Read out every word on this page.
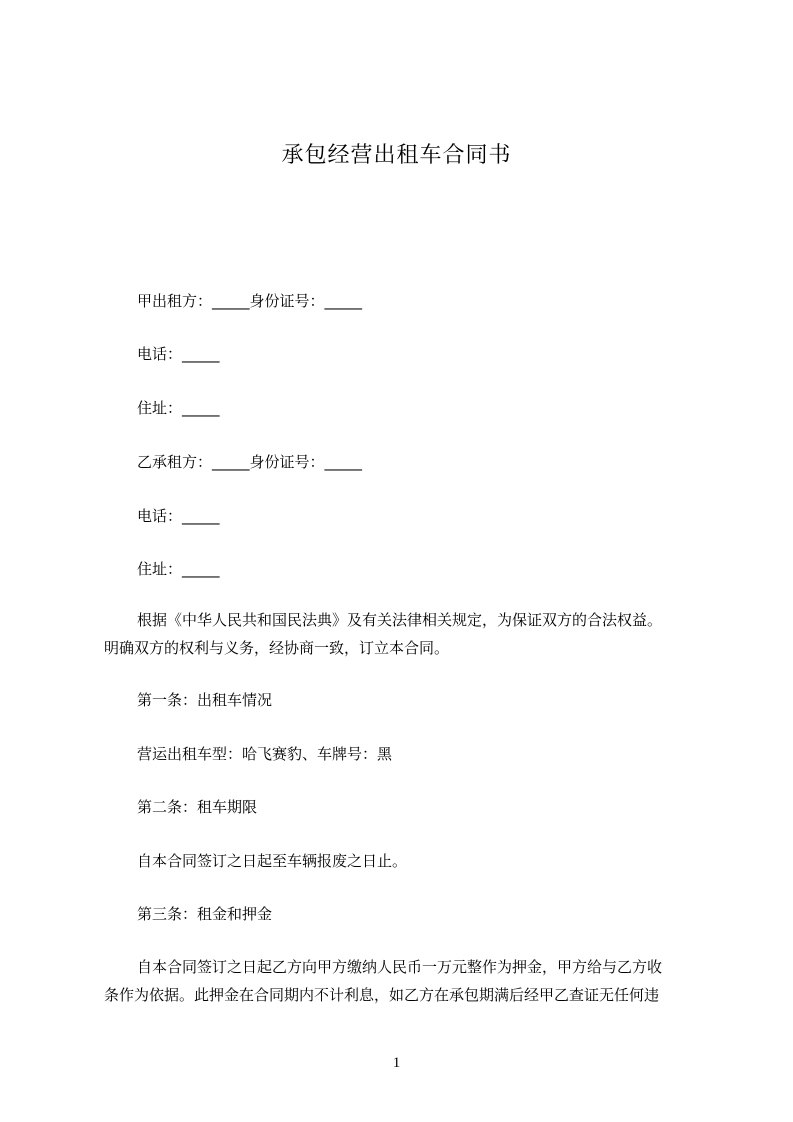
承包经营出租车合同书
甲出租方：_____身份证号：_____
电话：_____
住址：_____
乙承租方：_____身份证号：_____
电话：_____
住址：_____
根据《中华人民共和国民法典》及有关法律相关规定，为保证双方的合法权益。
明确双方的权利与义务，经协商一致，订立本合同。
第一条：出租车情况
营运出租车型：哈飞赛豹、车牌号：黑
第二条：租车期限
自本合同签订之日起至车辆报废之日止。
第三条：租金和押金
自本合同签订之日起乙方向甲方缴纳人民币一万元整作为押金，甲方给与乙方收
条作为依据。此押金在合同期内不计利息，如乙方在承包期满后经甲乙查证无任何违
1
